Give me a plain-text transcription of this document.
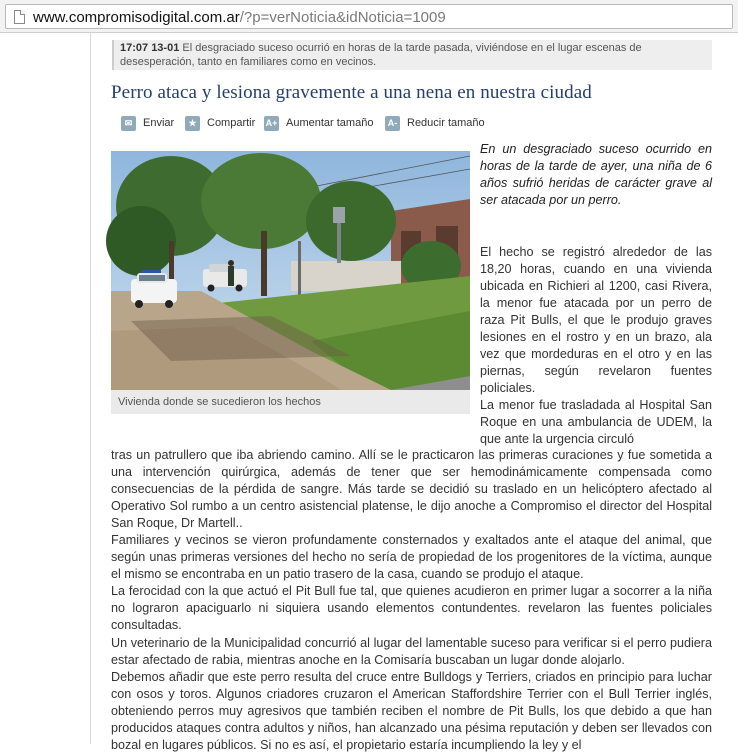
www.compromisodigital.com.ar/?p=verNoticia&idNoticia=1009
17:07 13-01 El desgraciado suceso ocurrió en horas de la tarde pasada, viviéndose en el lugar escenas de desesperación, tanto en familiares como en vecinos.
Perro ataca y lesiona gravemente a una nena en nuestra ciudad
✉ Enviar	★ Compartir A+ Aumentar tamaño	A- Reducir tamaño
Vivienda donde se sucedieron los hechos
En un desgraciado suceso ocurrido en horas de la tarde de ayer, una niña de 6 años sufrió heridas de carácter grave al ser atacada por un perro.

El hecho se registró alrededor de las 18,20 horas, cuando en una vivienda ubicada en Richieri al 1200, casi Rivera, la menor fue atacada por un perro de raza Pit Bulls, el que le produjo graves lesiones en el rostro y en un brazo, ala vez que mordeduras en el otro y en las piernas, según revelaron fuentes policiales.

La menor fue trasladada al Hospital San Roque en una ambulancia de UDEM, la que ante la urgencia circuló

tras un patrullero que iba abriendo camino. Allí se le practicaron las primeras curaciones y fue sometida a una intervención quirúrgica, además de tener que ser hemodinámicamente compensada como consecuencias de la pérdida de sangre. Más tarde se decidió su traslado en un helicóptero afectado al Operativo Sol rumbo a un centro asistencial platense, le dijo anoche a Compromiso el director del Hospital San Roque, Dr Martell..

Familiares y vecinos se vieron profundamente consternados y exaltados ante el ataque del animal, que según unas primeras versiones del hecho no sería de propiedad de los progenitores de la víctima, aunque el mismo se encontraba en un patio trasero de la casa, cuando se produjo el ataque.

La ferocidad con la que actuó el Pit Bull fue tal, que quienes acudieron en primer lugar a socorrer a la niña no lograron apaciguarlo ni siquiera usando elementos contundentes. revelaron las fuentes policiales consultadas.

Un veterinario de la Municipalidad concurrió al lugar del lamentable suceso para verificar si el perro pudiera estar afectado de rabia, mientras anoche en la Comisaría buscaban un lugar donde alojarlo.

Debemos añadir que este perro resulta del cruce entre Bulldogs y Terriers, criados en principio para luchar con osos y toros. Algunos criadores cruzaron el American Staffordshire Terrier con el Bull Terrier inglés, obteniendo perros muy agresivos que también reciben el nombre de Pit Bulls, los que debido a que han producidos ataques contra adultos y niños, han alcanzado una pésima reputación y deben ser llevados con bozal en lugares públicos. Si no es así, el propietario estaría incumpliendo la ley y el
